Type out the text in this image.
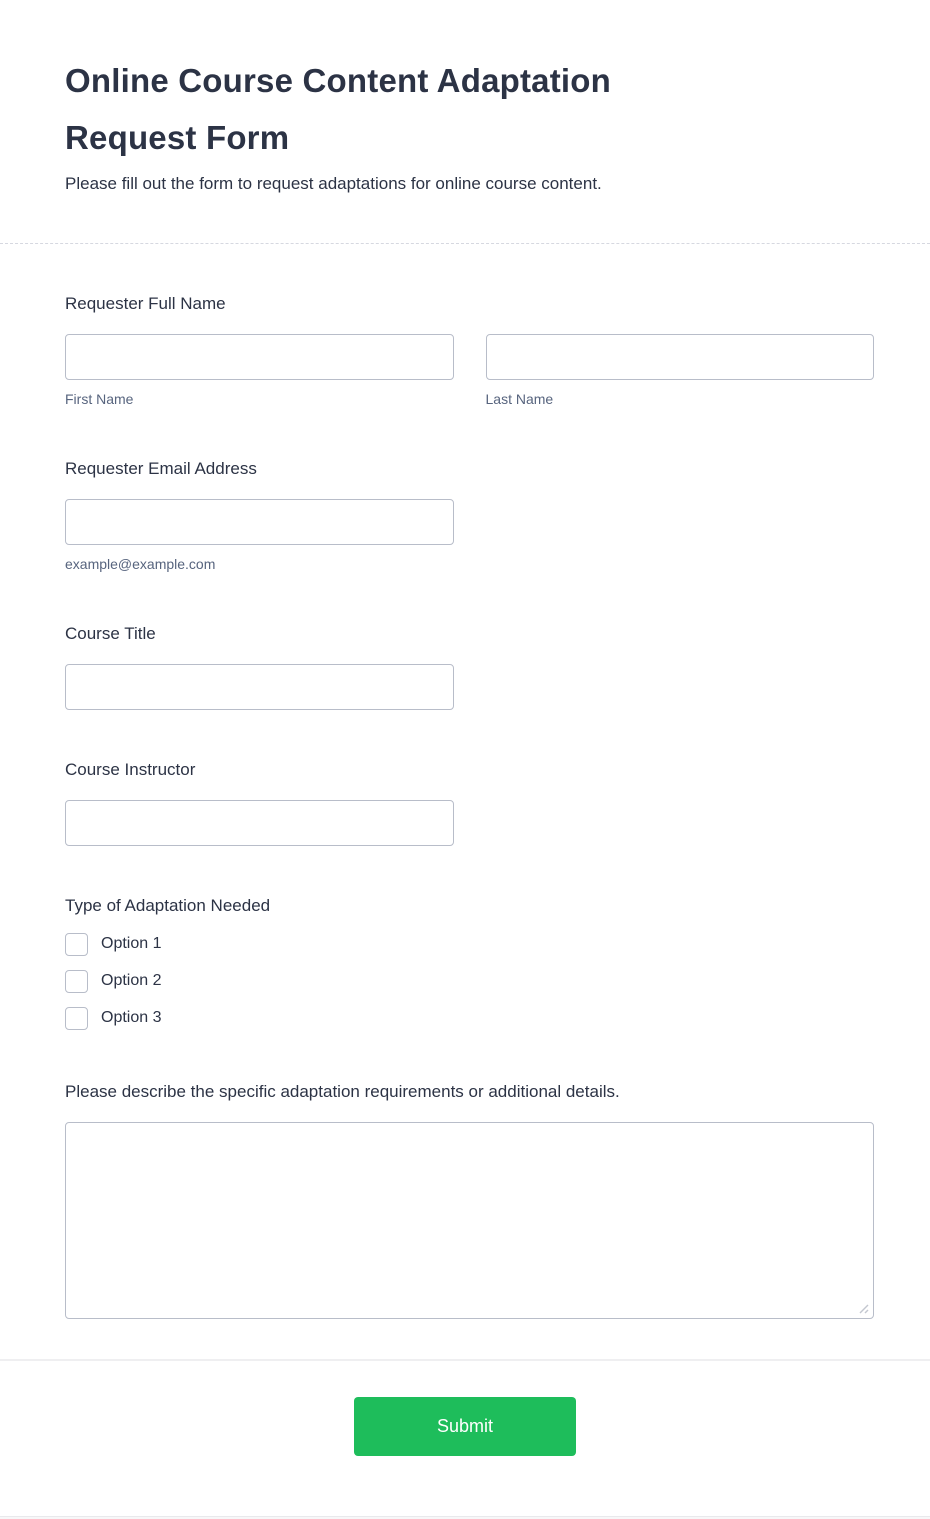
Online Course Content Adaptation
Request Form

Please fill out the form to request adaptations for online course content.

Requester Full Name
First Name	Last Name
Requester Email Address
example@example.com
Course Title
Course Instructor
Type of Adaptation Needed
Option 1
Option 2
Option 3
Please describe the specific adaptation requirements or additional details.
Submit
